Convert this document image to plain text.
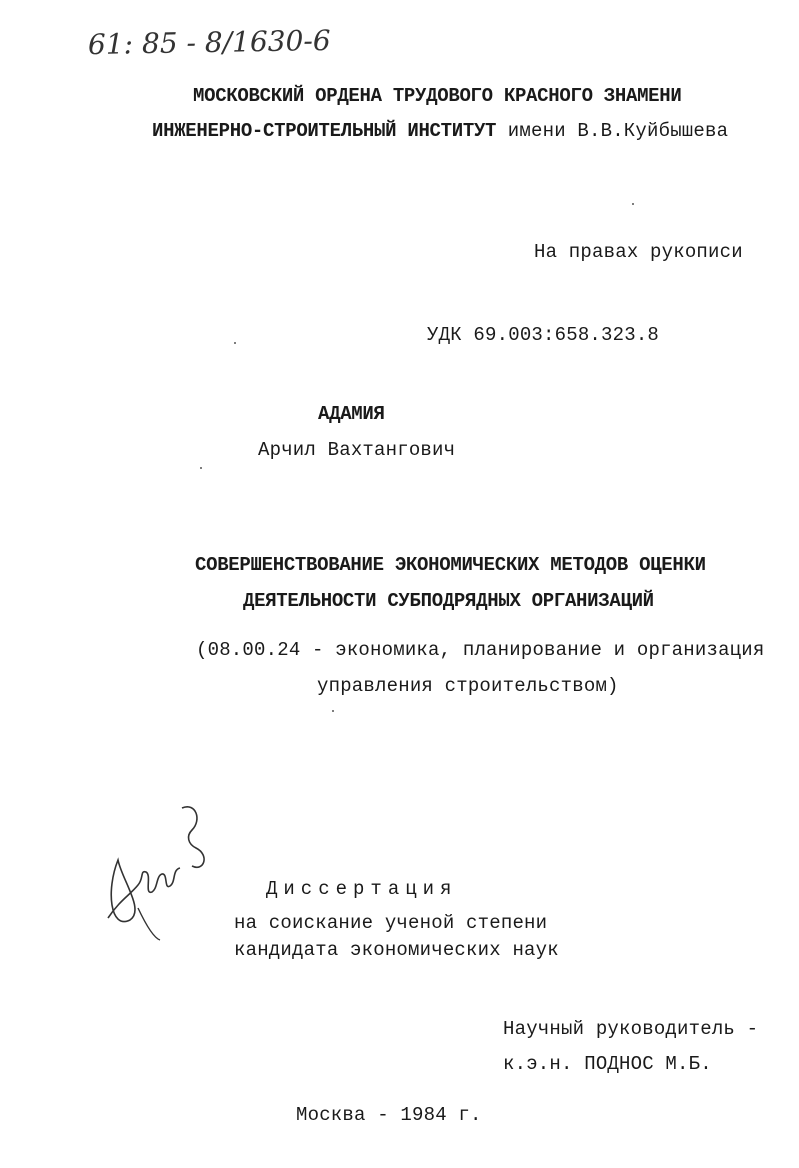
61: 85 - 8/1630-6
МОСКОВСКИЙ ОРДЕНА ТРУДОВОГО КРАСНОГО ЗНАМЕНИ
ИНЖЕНЕРНО-СТРОИТЕЛЬНЫЙ ИНСТИТУТ имени В.В.Куйбышева
На правах рукописи
УДК 69.003:658.323.8
АДАМИЯ
Арчил Вахтангович
СОВЕРШЕНСТВОВАНИЕ ЭКОНОМИЧЕСКИХ МЕТОДОВ ОЦЕНКИ
ДЕЯТЕЛЬНОСТИ СУБПОДРЯДНЫХ ОРГАНИЗАЦИЙ
(08.00.24 - экономика, планирование и организация
управления строительством)
Диссертация
на соискание ученой степени
кандидата экономических наук
Научный руководитель -
к.э.н. ПОДНОС М.Б.
Москва - 1984 г.
